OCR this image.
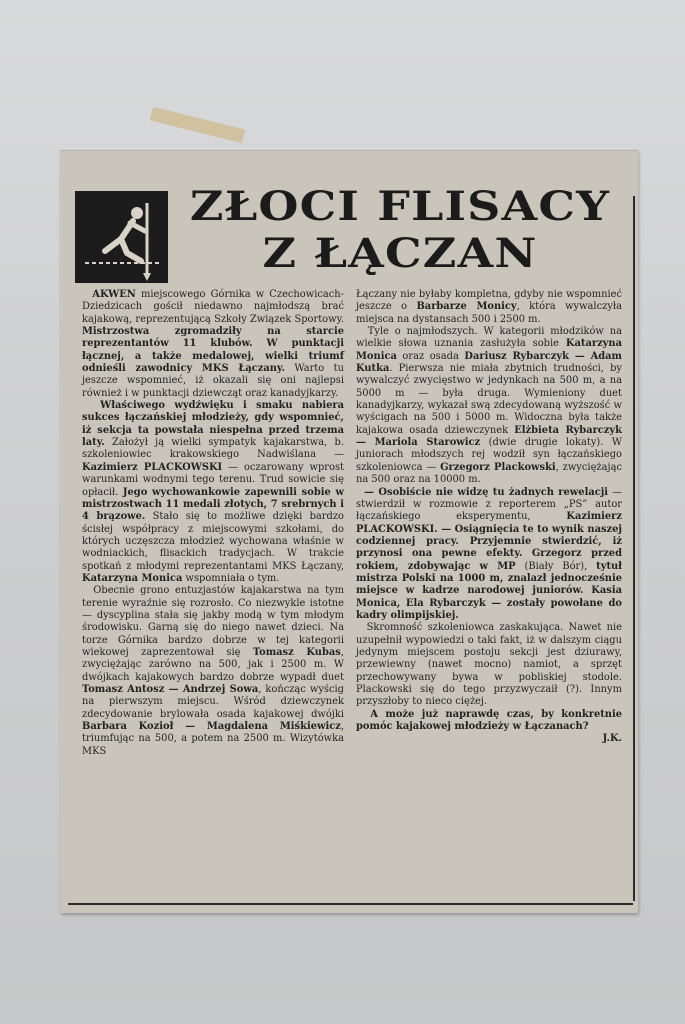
ZŁOCI FLISACY
Z ŁĄCZAN

AKWEN miejscowego Górnika w Czechowicach-Dziedzicach gościł niedawno najmłodszą brać kajakową, reprezentującą Szkoły Związek Sportowy. Mistrzostwa zgromadziły na starcie reprezentantów 11 klubów. W punktacji łącznej, a także medalowej, wielki triumf odnieśli zawodnicy MKS Łączany. Warto tu jeszcze wspomnieć, iż okazali się oni najlepsi również i w punktacji dziewcząt oraz kanadyjkarzy.

Właściwego wydźwięku i smaku nabiera sukces łączańskiej młodzieży, gdy wspomnieć, iż sekcja ta powstała niespełna przed trzema laty. Założył ją wielki sympatyk kajakarstwa, b. szkoleniowiec krakowskiego Nadwiślana — Kazimierz PLACKOWSKI — oczarowany wprost warunkami wodnymi tego terenu. Trud sowicie się opłacił. Jego wychowankowie zapewnili sobie w mistrzostwach 11 medali złotych, 7 srebrnych i 4 brązowe. Stało się to możliwe dzięki bardzo ścisłej współpracy z miejscowymi szkołami, do których uczęszcza młodzież wychowana właśnie w wodniackich, flisackich tradycjach. W trakcie spotkań z młodymi reprezentantami MKS Łączany, Katarzyna Monica wspomniała o tym.

Obecnie grono entuzjastów kajakarstwa na tym terenie wyraźnie się rozrosło. Co niezwykle istotne — dyscyplina stała się jakby modą w tym młodym środowisku. Garną się do niego nawet dzieci. Na torze Górnika bardzo dobrze w tej kategorii wiekowej zaprezentował się Tomasz Kubas, zwyciężając zarówno na 500, jak i 2500 m. W dwójkach kajakowych bardzo dobrze wypadł duet Tomasz Antosz — Andrzej Sowa, kończąc wyścig na pierwszym miejscu. Wśród dziewczynek zdecydowanie brylowała osada kajakowej dwójki Barbara Kozioł — Magdalena Miśkiewicz, triumfując na 500, a potem na 2500 m. Wizytówka MKS

Łączany nie byłaby kompletna, gdyby nie wspomnieć jeszcze o Barbarze Monicy, która wywalczyła miejsca na dystansach 500 i 2500 m.

Tyle o najmłodszych. W kategorii młodzików na wielkie słowa uznania zasłużyła sobie Katarzyna Monica oraz osada Dariusz Rybarczyk — Adam Kutka. Pierwsza nie miała zbytnich trudności, by wywalczyć zwycięstwo w jedynkach na 500 m, a na 5000 m — była druga. Wymieniony duet kanadyjkarzy, wykazał swą zdecydowaną wyższość w wyścigach na 500 i 5000 m. Widoczna była także kajakowa osada dziewczynek Elżbieta Rybarczyk — Mariola Starowicz (dwie drugie lokaty). W juniorach młodszych rej wodził syn łączańskiego szkoleniowca — Grzegorz Plackowski, zwyciężając na 500 oraz na 10000 m.

— Osobiście nie widzę tu żadnych rewelacji — stwierdził w rozmowie z reporterem „PS” autor łączańskiego eksperymentu, Kazimierz PLACKOWSKI. — Osiągnięcia te to wynik naszej codziennej pracy. Przyjemnie stwierdzić, iż przynosi ona pewne efekty. Grzegorz przed rokiem, zdobywając w MP (Biały Bór), tytuł mistrza Polski na 1000 m, znalazł jednocześnie miejsce w kadrze narodowej juniorów. Kasia Monica, Ela Rybarczyk — zostały powołane do kadry olimpijskiej.

Skromność szkoleniowca zaskakująca. Nawet nie uzupełnił wypowiedzi o taki fakt, iż w dalszym ciągu jedynym miejscem postoju sekcji jest dziurawy, przewiewny (nawet mocno) namiot, a sprzęt przechowywany bywa w pobliskiej stodole. Plackowski się do tego przyzwyczaił (?). Innym przyszłoby to nieco ciężej.

A może już naprawdę czas, by konkretnie pomóc kajakowej młodzieży w Łączanach?

J.K.
